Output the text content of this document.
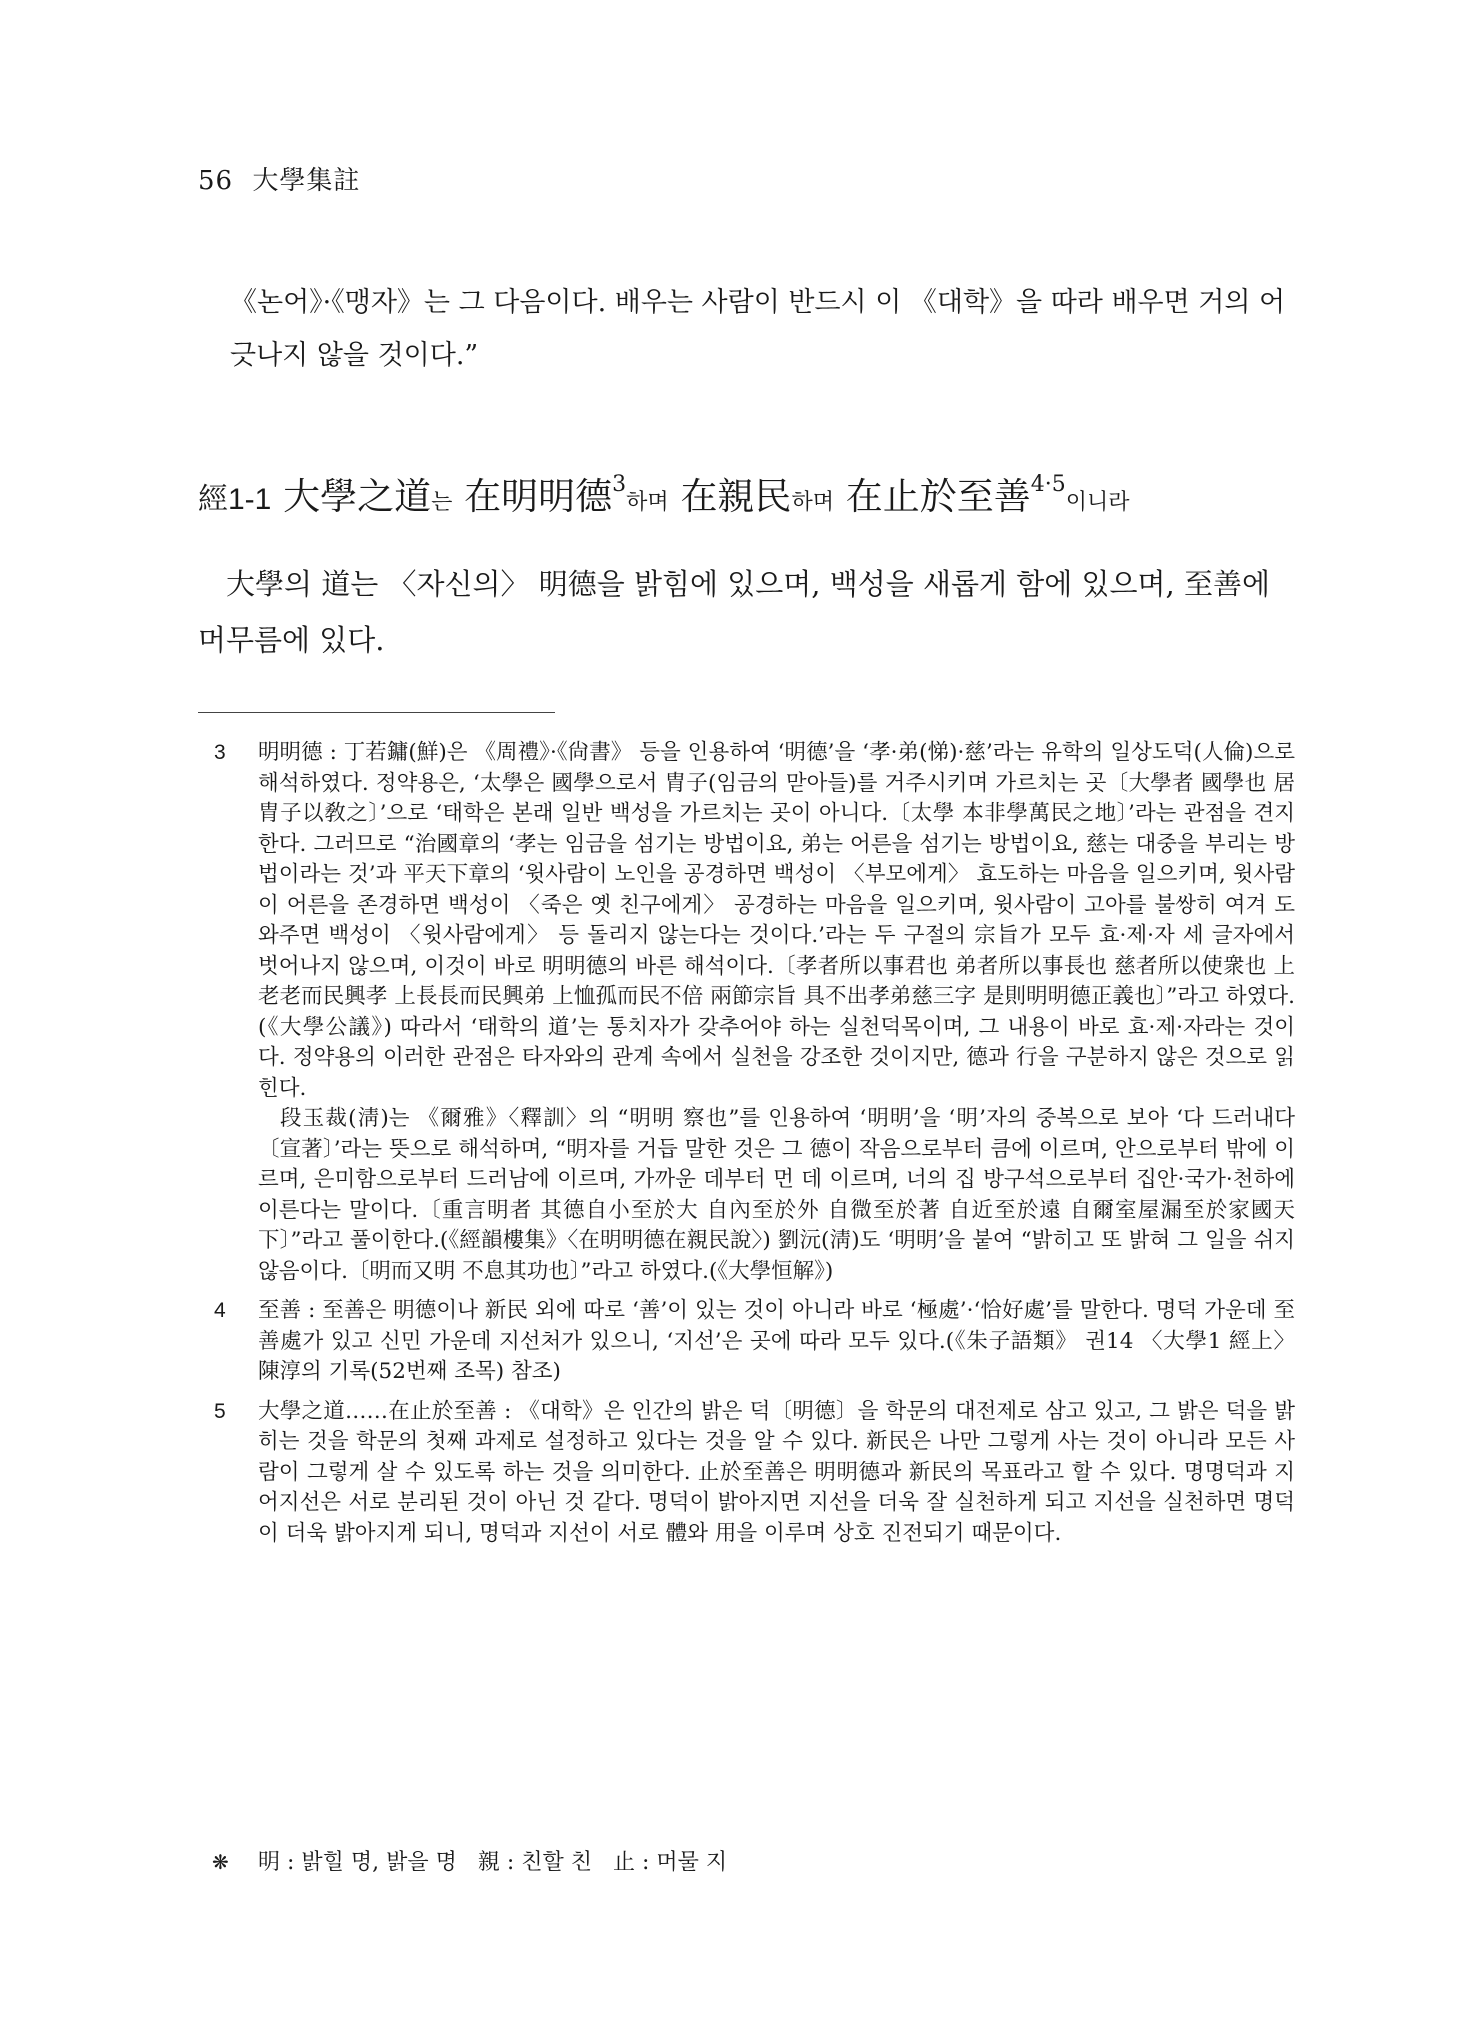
56 大學集註
《논어》·《맹자》는 그 다음이다. 배우는 사람이 반드시 이 《대학》을 따라 배우면 거의 어긋나지 않을 것이다.”
經1-1 大學之道는 在明明德$^3$하며 在親民하며 在止於至善$^{4\cdot 5}$이니라
大學의 道는 〈자신의〉 明德을 밝힘에 있으며, 백성을 새롭게 함에 있으며, 至善에 머무름에 있다.
3 明明德 : 丁若鏞(鮮)은 《周禮》·《尙書》 등을 인용하여 ‘明德’을 ‘孝·弟(悌)·慈’라는 유학의 일상도덕(人倫)으로 해석하였다. 정약용은, ‘太學은 國學으로서 胄子(임금의 맏아들)를 거주시키며 가르치는 곳〔大學者 國學也 居胄子以敎之〕’으로 ‘태학은 본래 일반 백성을 가르치는 곳이 아니다.〔太學 本非學萬民之地〕’라는 관점을 견지한다. 그러므로 “治國章의 ‘孝는 임금을 섬기는 방법이요, 弟는 어른을 섬기는 방법이요, 慈는 대중을 부리는 방법이라는 것’과 平天下章의 ‘윗사람이 노인을 공경하면 백성이 〈부모에게〉 효도하는 마음을 일으키며, 윗사람이 어른을 존경하면 백성이 〈죽은 옛 친구에게〉 공경하는 마음을 일으키며, 윗사람이 고아를 불쌍히 여겨 도와주면 백성이 〈윗사람에게〉 등 돌리지 않는다는 것이다.’라는 두 구절의 宗旨가 모두 효·제·자 세 글자에서 벗어나지 않으며, 이것이 바로 明明德의 바른 해석이다.〔孝者所以事君也 弟者所以事長也 慈者所以使衆也 上老老而民興孝 上長長而民興弟 上恤孤而民不倍 兩節宗旨 具不出孝弟慈三字 是則明明德正義也〕”라고 하였다.(《大學公議》) 따라서 ‘태학의 道’는 통치자가 갖추어야 하는 실천덕목이며, 그 내용이 바로 효·제·자라는 것이다. 정약용의 이러한 관점은 타자와의 관계 속에서 실천을 강조한 것이지만, 德과 行을 구분하지 않은 것으로 읽힌다.

段玉裁(淸)는 《爾雅》〈釋訓〉의 “明明 察也”를 인용하여 ‘明明’을 ‘明’자의 중복으로 보아 ‘다 드러내다〔宣著〕’라는 뜻으로 해석하며, “明자를 거듭 말한 것은 그 德이 작음으로부터 큼에 이르며, 안으로부터 밖에 이르며, 은미함으로부터 드러남에 이르며, 가까운 데부터 먼 데 이르며, 너의 집 방구석으로부터 집안·국가·천하에 이른다는 말이다.〔重言明者 其德自小至於大 自內至於外 自微至於著 自近至於遠 自爾室屋漏至於家國天下〕”라고 풀이한다.(《經韻樓集》〈在明明德在親民說〉) 劉沅(淸)도 ‘明明’을 붙여 “밝히고 또 밝혀 그 일을 쉬지 않음이다.〔明而又明 不息其功也〕”라고 하였다.(《大學恒解》)

4 至善 : 至善은 明德이나 新民 외에 따로 ‘善’이 있는 것이 아니라 바로 ‘極處’·‘恰好處’를 말한다. 명덕 가운데 至善處가 있고 신민 가운데 지선처가 있으니, ‘지선’은 곳에 따라 모두 있다.(《朱子語類》 권14 〈大學1 經上〉 陳淳의 기록(52번째 조목) 참조)

5 大學之道……在止於至善 : 《대학》은 인간의 밝은 덕〔明德〕을 학문의 대전제로 삼고 있고, 그 밝은 덕을 밝히는 것을 학문의 첫째 과제로 설정하고 있다는 것을 알 수 있다. 新民은 나만 그렇게 사는 것이 아니라 모든 사람이 그렇게 살 수 있도록 하는 것을 의미한다. 止於至善은 明明德과 新民의 목표라고 할 수 있다. 명명덕과 지어지선은 서로 분리된 것이 아닌 것 같다. 명덕이 밝아지면 지선을 더욱 잘 실천하게 되고 지선을 실천하면 명덕이 더욱 밝아지게 되니, 명덕과 지선이 서로 體와 用을 이루며 상호 진전되기 때문이다.

❋	明 : 밝힐 명, 밝을 명   親 : 친할 친   止 : 머물 지
